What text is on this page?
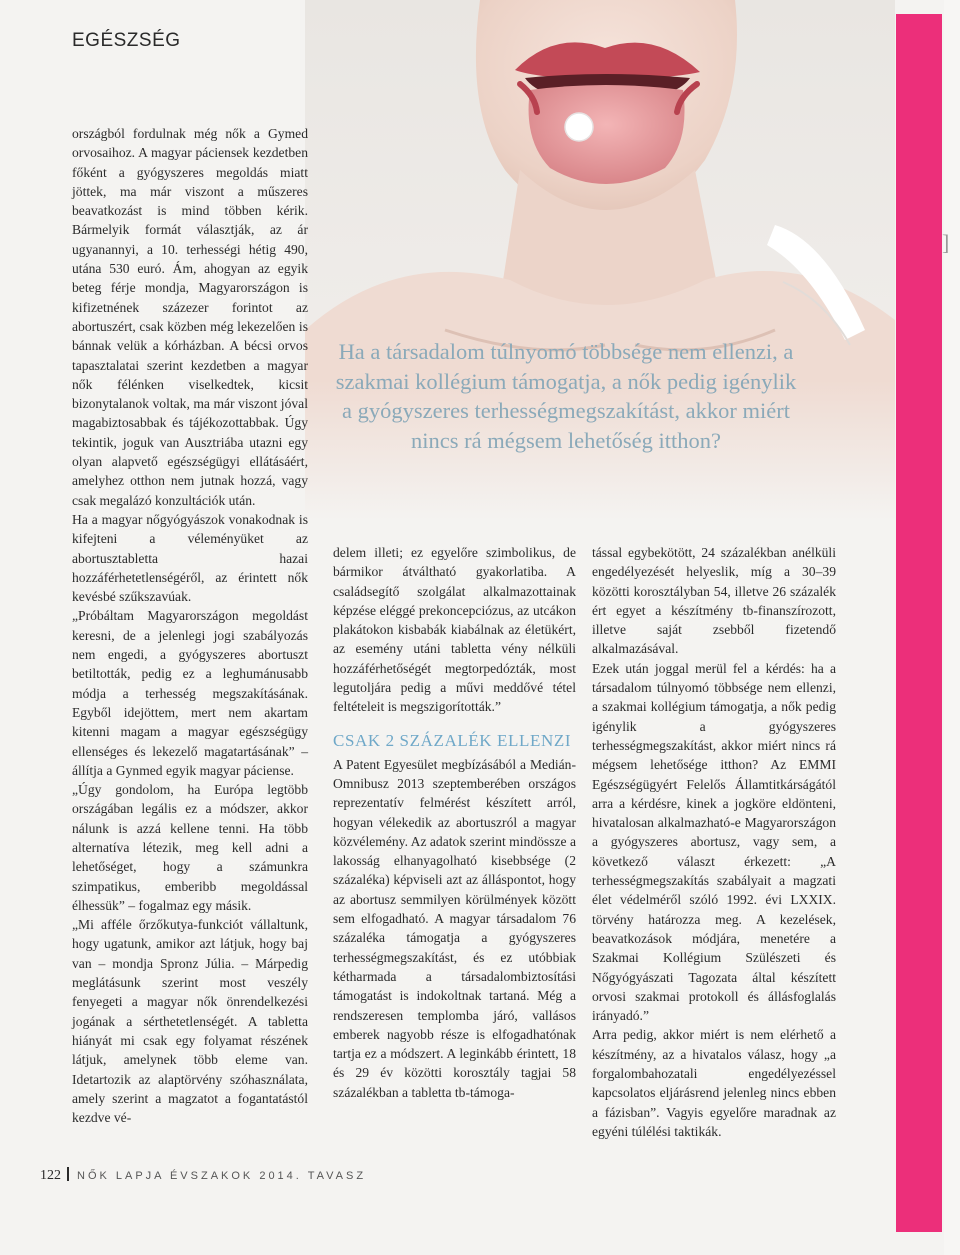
EGÉSZSÉG
Ha a társadalom túlnyomó többsége nem ellenzi, a szakmai kollégium támogatja, a nők pedig igénylik a gyógyszeres terhességmegszakítást, akkor miért nincs rá mégsem lehetőség itthon?

országból fordulnak még nők a Gymed orvosaihoz. A magyar páciensek kezdetben főként a gyógyszeres megoldás miatt jöttek, ma már viszont a műszeres beavatkozást is mind többen kérik. Bármelyik formát választják, az ár ugyanannyi, a 10. terhességi hétig 490, utána 530 euró. Ám, ahogyan az egyik beteg férje mondja, Magyarországon is kifizetnének százezer forintot az abortuszért, csak közben még lekezelően is bánnak velük a kórházban. A bécsi orvos tapasztalatai szerint kezdetben a magyar nők félénken viselkedtek, kicsit bizonytalanok voltak, ma már viszont jóval magabiztosabbak és tájékozottabbak. Úgy tekintik, joguk van Ausztriába utazni egy olyan alapvető egészségügyi ellátásáért, amelyhez otthon nem jutnak hozzá, vagy csak megalázó konzultációk után.

Ha a magyar nőgyógyászok vonakodnak is kifejteni a véleményüket az abortusztabletta hazai hozzáférhetetlenségéről, az érintett nők kevésbé szűkszavúak.

„Próbáltam Magyarországon megoldást keresni, de a jelenlegi jogi szabályozás nem engedi, a gyógyszeres abortuszt betiltották, pedig ez a leghumánusabb módja a terhesség megszakításának. Egyből idejöttem, mert nem akartam kitenni magam a magyar egészségügy ellenséges és lekezelő magatartásának” – állítja a Gynmed egyik magyar páciense.

„Úgy gondolom, ha Európa legtöbb országában legális ez a módszer, akkor nálunk is azzá kellene tenni. Ha több alternatíva létezik, meg kell adni a lehetőséget, hogy a számunkra szimpatikus, emberibb megoldással élhessük” – fogalmaz egy másik.

„Mi afféle őrzőkutya-funkciót vállaltunk, hogy ugatunk, amikor azt látjuk, hogy baj van – mondja Spronz Júlia. – Márpedig meglátásunk szerint most veszély fenyegeti a magyar nők önrendelkezési jogának a sérthetetlenségét. A tabletta hiányát mi csak egy folyamat részének látjuk, amelynek több eleme van. Idetartozik az alaptörvény szóhasználata, amely szerint a magzatot a fogantatástól kezdve vé-

delem illeti; ez egyelőre szimbolikus, de bármikor átváltható gyakorlatiba. A családsegítő szolgálat alkalmazottainak képzése eléggé prekoncepciózus, az utcákon plakátokon kisbabák kiabálnak az életükért, az esemény utáni tabletta vény nélküli hozzáférhetőségét megtorpedózták, most legutoljára pedig a művi meddővé tétel feltételeit is megszigorították.”

CSAK 2 SZÁZALÉK ELLENZI

A Patent Egyesület megbízásából a Medián-Omnibusz 2013 szeptemberében országos reprezentatív felmérést készített arról, hogyan vélekedik az abortuszról a magyar közvélemény. Az adatok szerint mindössze a lakosság elhanyagolható kisebbsége (2 százaléka) képviseli azt az álláspontot, hogy az abortusz semmilyen körülmények között sem elfogadható. A magyar társadalom 76 százaléka támogatja a gyógyszeres terhességmegszakítást, és ez utóbbiak kétharmada a társadalombiztosítási támogatást is indokoltnak tartaná. Még a rendszeresen templomba járó, vallásos emberek nagyobb része is elfogadhatónak tartja ez a módszert. A leginkább érintett, 18 és 29 év közötti korosztály tagjai 58 százalékban a tabletta tb-támoga-

tással egybekötött, 24 százalékban anélküli engedélyezését helyeslik, míg a 30–39 közötti korosztályban 54, illetve 26 százalék ért egyet a készítmény tb-finanszírozott, illetve saját zsebből fizetendő alkalmazásával.

Ezek után joggal merül fel a kérdés: ha a társadalom túlnyomó többsége nem ellenzi, a szakmai kollégium támogatja, a nők pedig igénylik a gyógyszeres terhességmegszakítást, akkor miért nincs rá mégsem lehetősége itthon? Az EMMI Egészségügyért Felelős Államtitkárságától arra a kérdésre, kinek a jogköre eldönteni, hivatalosan alkalmazható-e Magyarországon a gyógyszeres abortusz, vagy sem, a következő választ érkezett: „A terhességmegszakítás szabályait a magzati élet védelméről szóló 1992. évi LXXIX. törvény határozza meg. A kezelések, beavatkozások módjára, menetére a Szakmai Kollégium Szülészeti és Nőgyógyászati Tagozata által készített orvosi szakmai protokoll és állásfoglalás irányadó.”

Arra pedig, akkor miért is nem elérhető a készítmény, az a hivatalos válasz, hogy „a forgalombahozatali engedélyezéssel kapcsolatos eljárásrend jelenleg nincs ebben a fázisban”. Vagyis egyelőre maradnak az egyéni túlélési taktikák.

]
122 NŐK LAPJA ÉVSZAKOK 2014. TAVASZ
